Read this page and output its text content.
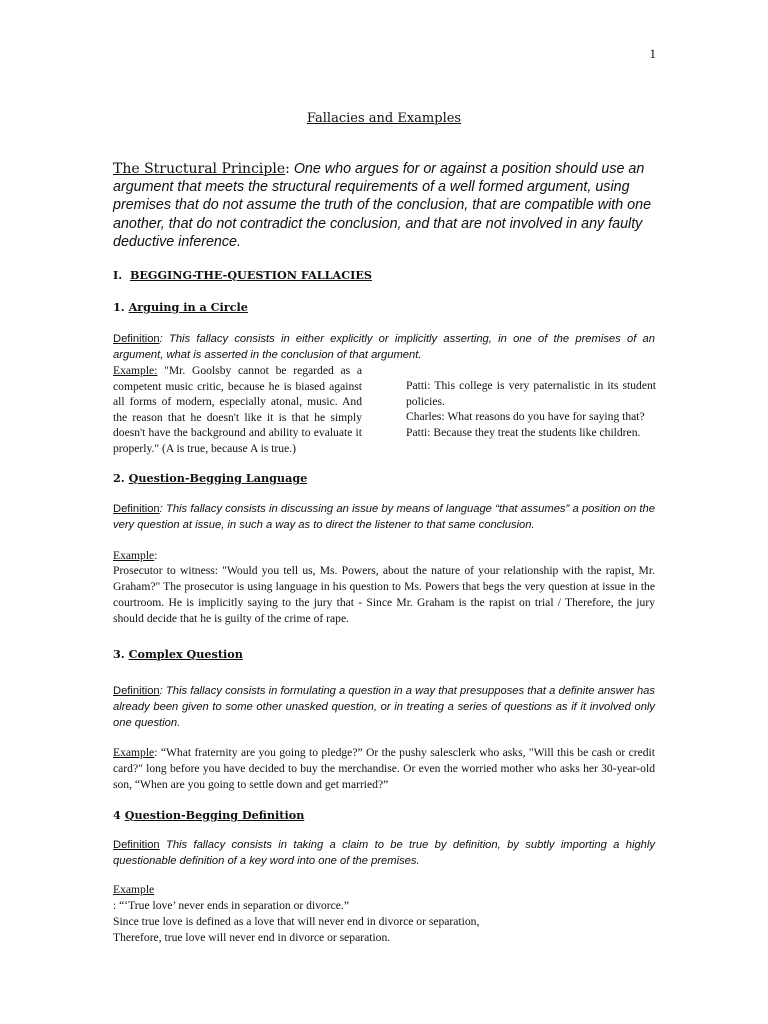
1
Fallacies and Examples

The Structural Principle: One who argues for or against a position should use an argument that meets the structural requirements of a well formed argument, using premises that do not assume the truth of the conclusion, that are compatible with one another, that do not contradict the conclusion, and that are not involved in any faulty deductive inference.

I. BEGGING-THE-QUESTION FALLACIES
1. Arguing in a Circle

Definition: This fallacy consists in either explicitly or implicitly asserting, in one of the premises of an argument, what is asserted in the conclusion of that argument.

Example: "Mr. Goolsby cannot be regarded as a competent music critic, because he is biased against all forms of modern, especially atonal, music. And the reason that he doesn't like it is that he simply doesn't have the background and ability to evaluate it properly." (A is true, because A is true.)

Patti: This college is very paternalistic in its student policies.

Charles: What reasons do you have for saying that?

Patti: Because they treat the students like children.

2. Question-Begging Language

Definition: This fallacy consists in discussing an issue by means of language “that assumes” a position on the very question at issue, in such a way as to direct the listener to that same conclusion.

Example:

Prosecutor to witness: "Would you tell us, Ms. Powers, about the nature of your relationship with the rapist, Mr. Graham?" The prosecutor is using language in his question to Ms. Powers that begs the very question at issue in the courtroom. He is implicitly saying to the jury that - Since Mr. Graham is the rapist on trial / Therefore, the jury should decide that he is guilty of the crime of rape.

3. Complex Question

Definition: This fallacy consists in formulating a question in a way that presupposes that a definite answer has already been given to some other unasked question, or in treating a series of questions as if it involved only one question.

Example: “What fraternity are you going to pledge?” Or the pushy salesclerk who asks, "Will this be cash or credit card?" long before you have decided to buy the merchandise. Or even the worried mother who asks her 30-year-old son, “When are you going to settle down and get married?”

4 Question-Begging Definition

Definition This fallacy consists in taking a claim to be true by definition, by subtly importing a highly questionable definition of a key word into one of the premises.

Example
: “‘True love’ never ends in separation or divorce.”
Since true love is defined as a love that will never end in divorce or separation,
Therefore, true love will never end in divorce or separation.
